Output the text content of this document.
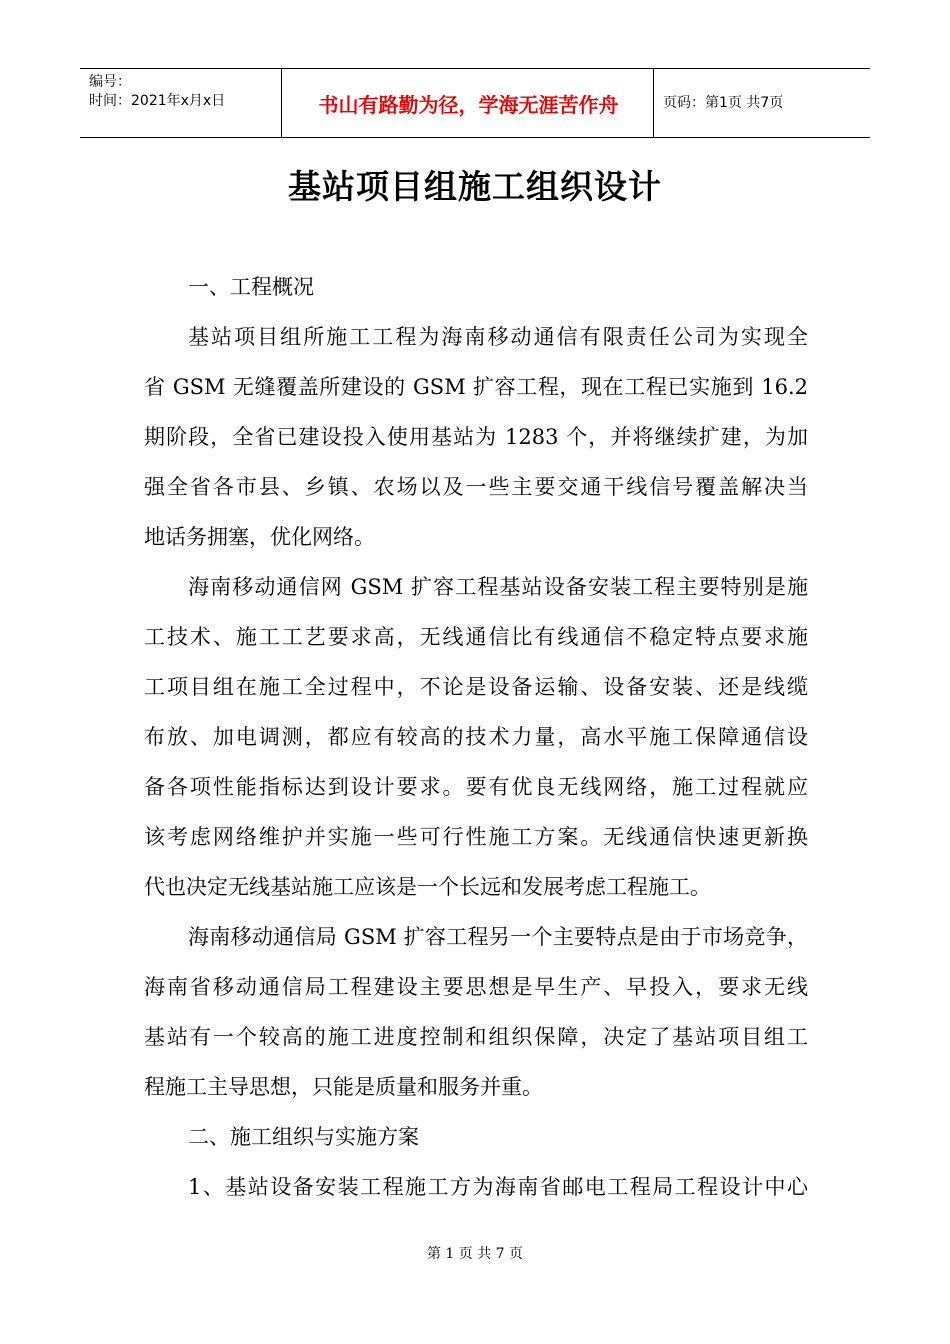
编号：
时间：2021年x月x日	书山有路勤为径，学海无涯苦作舟	页码：第1页 共7页
基站项目组施工组织设计
一、工程概况
基站项目组所施工工程为海南移动通信有限责任公司为实现全
省 GSM 无缝覆盖所建设的 GSM 扩容工程，现在工程已实施到 16.2
期阶段，全省已建设投入使用基站为 1283 个，并将继续扩建，为加
强全省各市县、乡镇、农场以及一些主要交通干线信号覆盖解决当
地话务拥塞，优化网络。
海南移动通信网 GSM 扩容工程基站设备安装工程主要特别是施
工技术、施工工艺要求高，无线通信比有线通信不稳定特点要求施
工项目组在施工全过程中，不论是设备运输、设备安装、还是线缆
布放、加电调测，都应有较高的技术力量，高水平施工保障通信设
备各项性能指标达到设计要求。要有优良无线网络，施工过程就应
该考虑网络维护并实施一些可行性施工方案。无线通信快速更新换
代也决定无线基站施工应该是一个长远和发展考虑工程施工。
海南移动通信局 GSM 扩容工程另一个主要特点是由于市场竞争，
海南省移动通信局工程建设主要思想是早生产、早投入，要求无线
基站有一个较高的施工进度控制和组织保障，决定了基站项目组工
程施工主导思想，只能是质量和服务并重。
二、施工组织与实施方案
1、基站设备安装工程施工方为海南省邮电工程局工程设计中心
第 1 页 共 7 页
